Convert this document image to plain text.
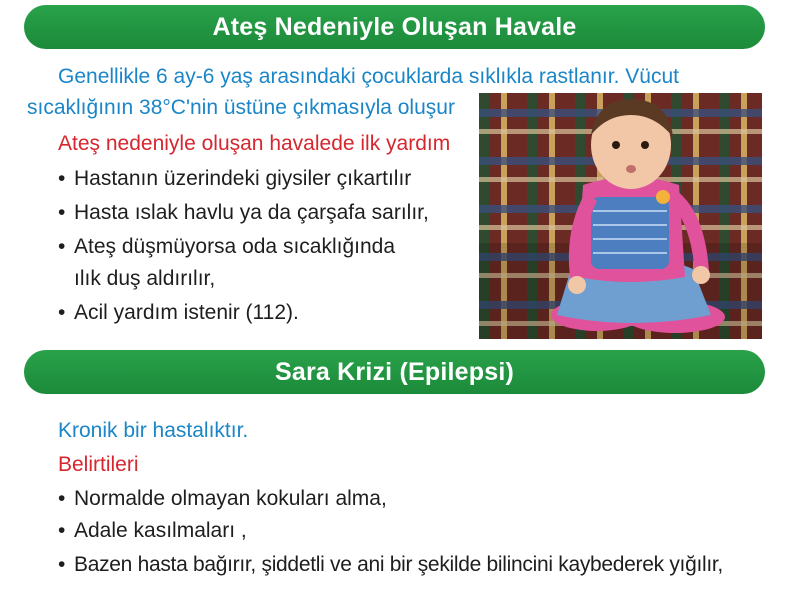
Ateş Nedeniyle Oluşan Havale
Genellikle 6 ay-6 yaş arasındaki çocuklarda sıklıkla rastlanır. Vücut
sıcaklığının 38°C'nin üstüne çıkmasıyla oluşur
Ateş nedeniyle oluşan havalede ilk yardım
• Hastanın üzerindeki giysiler çıkartılır
• Hasta ıslak havlu ya da çarşafa sarılır,
• Ateş düşmüyorsa oda sıcaklığında
ılık duş aldırılır,
• Acil yardım istenir (112).
Sara Krizi (Epilepsi)
Kronik bir hastalıktır.
Belirtileri
• Normalde olmayan kokuları alma,
• Adale kasılmaları ,
• Bazen hasta bağırır, şiddetli ve ani bir şekilde bilincini kaybederek yığılır,
